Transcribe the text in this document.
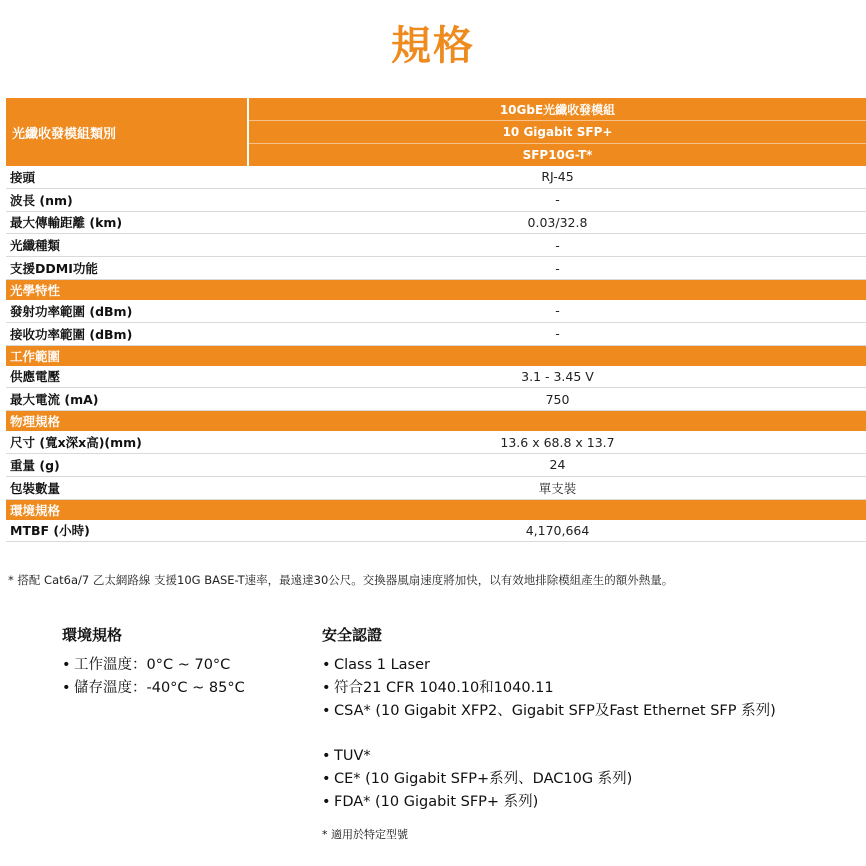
規格
光纖收發模組類別
10GbE光纖收發模組
10 Gigabit SFP+
SFP10G-T*
接頭	RJ-45
波長 (nm)	-
最大傳輸距離 (km)	0.03/32.8
光纖種類	-
支援DDMI功能	-
光學特性
發射功率範圍 (dBm)	-
接收功率範圍 (dBm)	-
工作範圍
供應電壓	3.1 - 3.45 V
最大電流 (mA)	750
物理規格
尺寸 (寬x深x高)(mm)	13.6 x 68.8 x 13.7
重量 (g)	24
包裝數量	單支裝
環境規格
MTBF (小時)	4,170,664
* 搭配 Cat6a/7 乙太網路線 支援10G BASE-T速率，最遠達30公尺。交換器風扇速度將加快，以有效地排除模組產生的額外熱量。
環境規格
• 工作溫度：0°C ~ 70°C
• 儲存溫度：-40°C ~ 85°C
安全認證
• Class 1 Laser
• 符合21 CFR 1040.10和1040.11
• CSA* (10 Gigabit XFP2、Gigabit SFP及Fast Ethernet SFP 系列)
• TUV*
• CE* (10 Gigabit SFP+系列、DAC10G 系列)
• FDA* (10 Gigabit SFP+ 系列)
* 適用於特定型號
